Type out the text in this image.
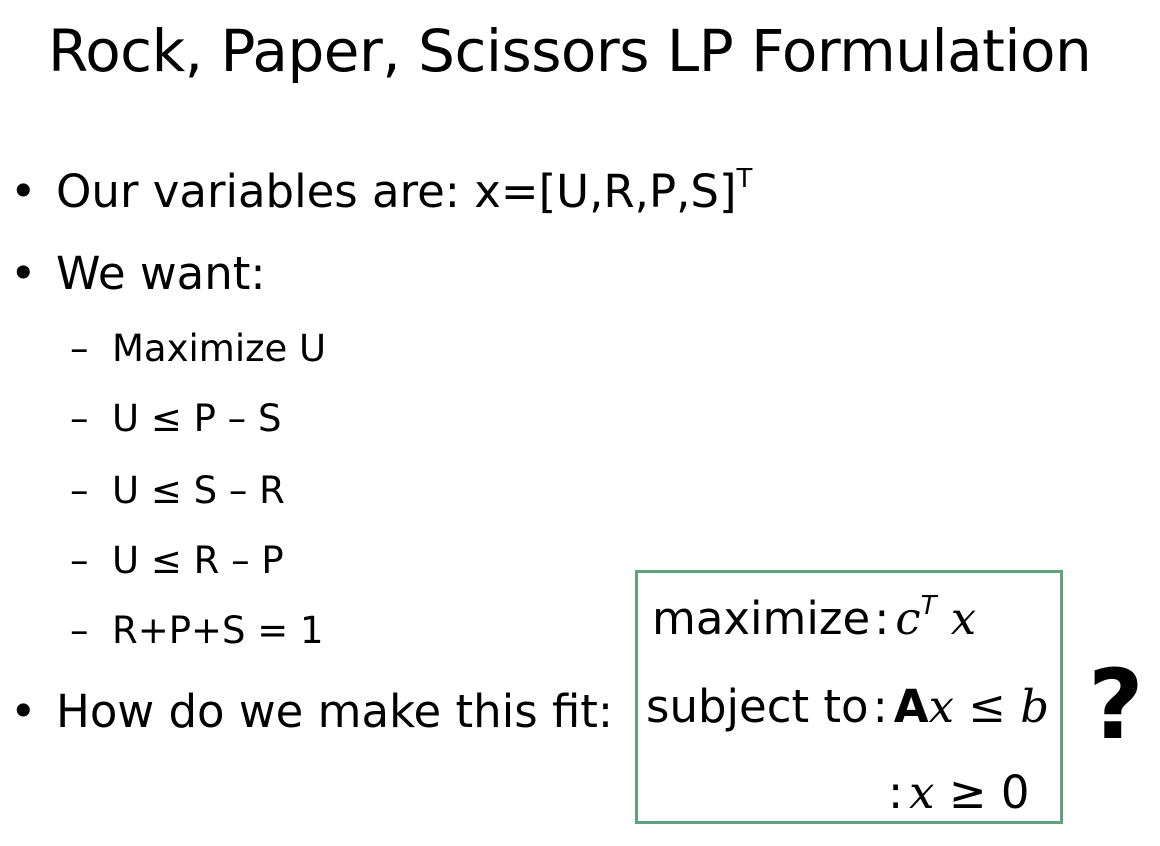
Rock, Paper, Scissors LP Formulation
• Our variables are: $x=[U,R,P,S]^T$
• We want:
– Maximize U
– U ≤ P – S
– U ≤ S – R
– U ≤ R – P
– R+P+S = 1
• How do we make this fit:
maximize: $c^T$ x
subject to: Ax ≤ b
: x ≥ 0
?
